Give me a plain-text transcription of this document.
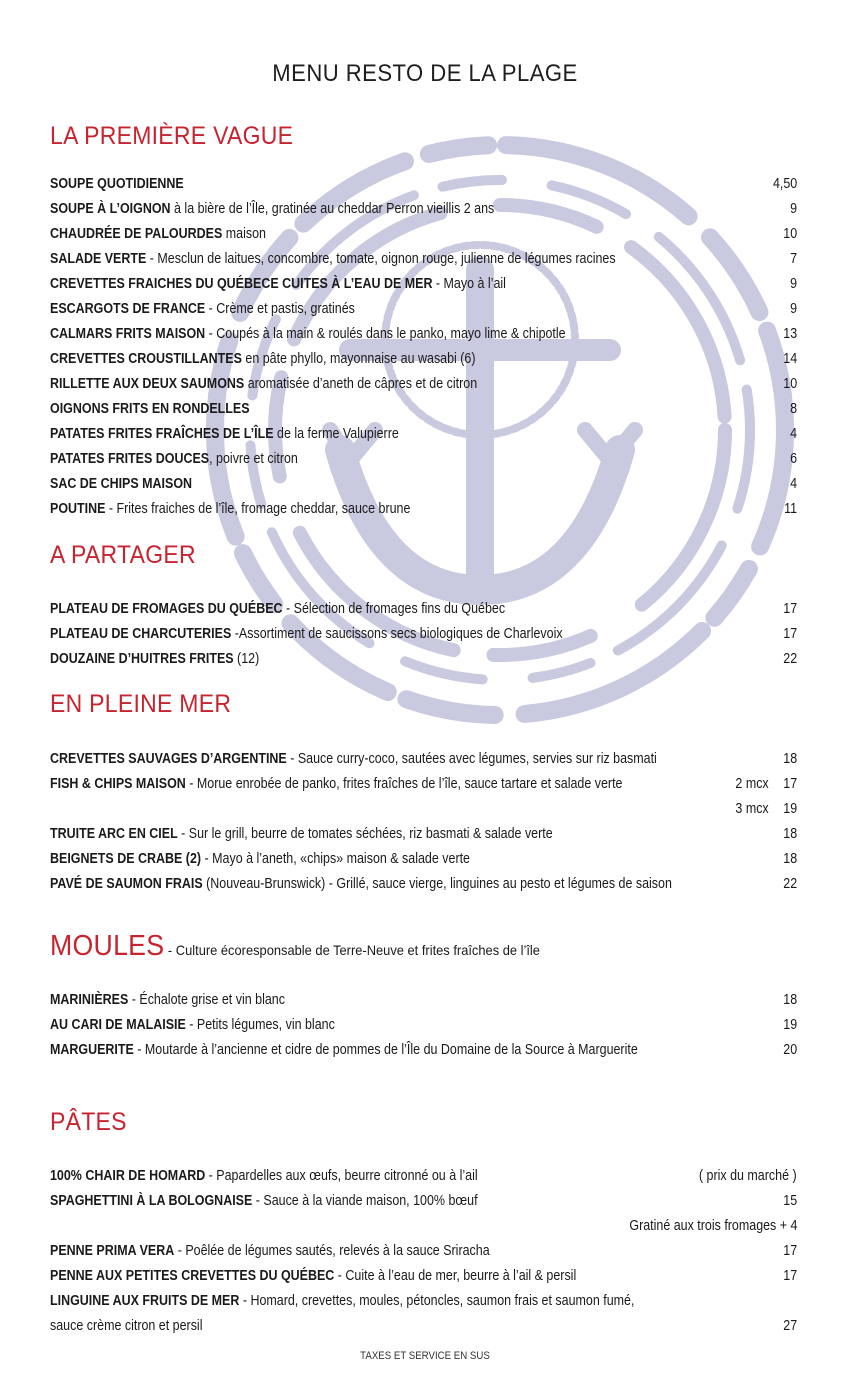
MENU RESTO DE LA PLAGE
LA PREMIÈRE VAGUE
A PARTAGER
EN PLEINE MER
MOULES - Culture écoresponsable de Terre-Neuve et frites fraîches de l’île
PÂTES
SOUPE QUOTIDIENNE	4,50
SOUPE À L’OIGNON à la bière de l’Île, gratinée au cheddar Perron vieillis 2 ans	9
CHAUDRÉE DE PALOURDES maison	10
SALADE VERTE - Mesclun de laitues, concombre, tomate, oignon rouge, julienne de légumes racines	7
CREVETTES FRAICHES DU QUÉBECE CUITES À L’EAU DE MER - Mayo à l’ail	9
ESCARGOTS DE FRANCE - Crème et pastis, gratinés	9
CALMARS FRITS MAISON - Coupés à la main & roulés dans le panko, mayo lime & chipotle	13
CREVETTES CROUSTILLANTES en pâte phyllo, mayonnaise au wasabi (6)	14
RILLETTE AUX DEUX SAUMONS aromatisée d’aneth de câpres et de citron	10
OIGNONS FRITS EN RONDELLES	8
PATATES FRITES FRAÎCHES DE L’ÎLE de la ferme Valupierre	4
PATATES FRITES DOUCES, poivre et citron	6
SAC DE CHIPS MAISON	4
POUTINE - Frites fraiches de l’île, fromage cheddar, sauce brune	11
PLATEAU DE FROMAGES DU QUÉBEC - Sélection de fromages fins du Québec	17
PLATEAU DE CHARCUTERIES -Assortiment de saucissons secs biologiques de Charlevoix	17
DOUZAINE D’HUITRES FRITES (12)	22
CREVETTES SAUVAGES D’ARGENTINE - Sauce curry-coco, sautées avec légumes, servies sur riz basmati	18
FISH & CHIPS MAISON - Morue enrobée de panko, frites fraîches de l’île, sauce tartare et salade verte	2 mcx 17
3 mcx 19
TRUITE ARC EN CIEL - Sur le grill, beurre de tomates séchées, riz basmati & salade verte	18
BEIGNETS DE CRABE (2) - Mayo à l’aneth, «chips» maison & salade verte	18
PAVÉ DE SAUMON FRAIS (Nouveau-Brunswick) - Grillé, sauce vierge, linguines au pesto et légumes de saison	22
MARINIÈRES - Échalote grise et vin blanc	18
AU CARI DE MALAISIE - Petits légumes, vin blanc	19
MARGUERITE - Moutarde à l’ancienne et cidre de pommes de l’Île du Domaine de la Source à Marguerite	20
100% CHAIR DE HOMARD - Papardelles aux œufs, beurre citronné ou à l’ail	( prix du marché )
SPAGHETTINI À LA BOLOGNAISE - Sauce à la viande maison, 100% bœuf	15
Gratiné aux trois fromages + 4
PENNE PRIMA VERA - Poêlée de légumes sautés, relevés à la sauce Sriracha	17
PENNE AUX PETITES CREVETTES DU QUÉBEC - Cuite à l’eau de mer, beurre à l’ail & persil	17
LINGUINE AUX FRUITS DE MER - Homard, crevettes, moules, pétoncles, saumon frais et saumon fumé,
sauce crème citron et persil	27
TAXES ET SERVICE EN SUS
